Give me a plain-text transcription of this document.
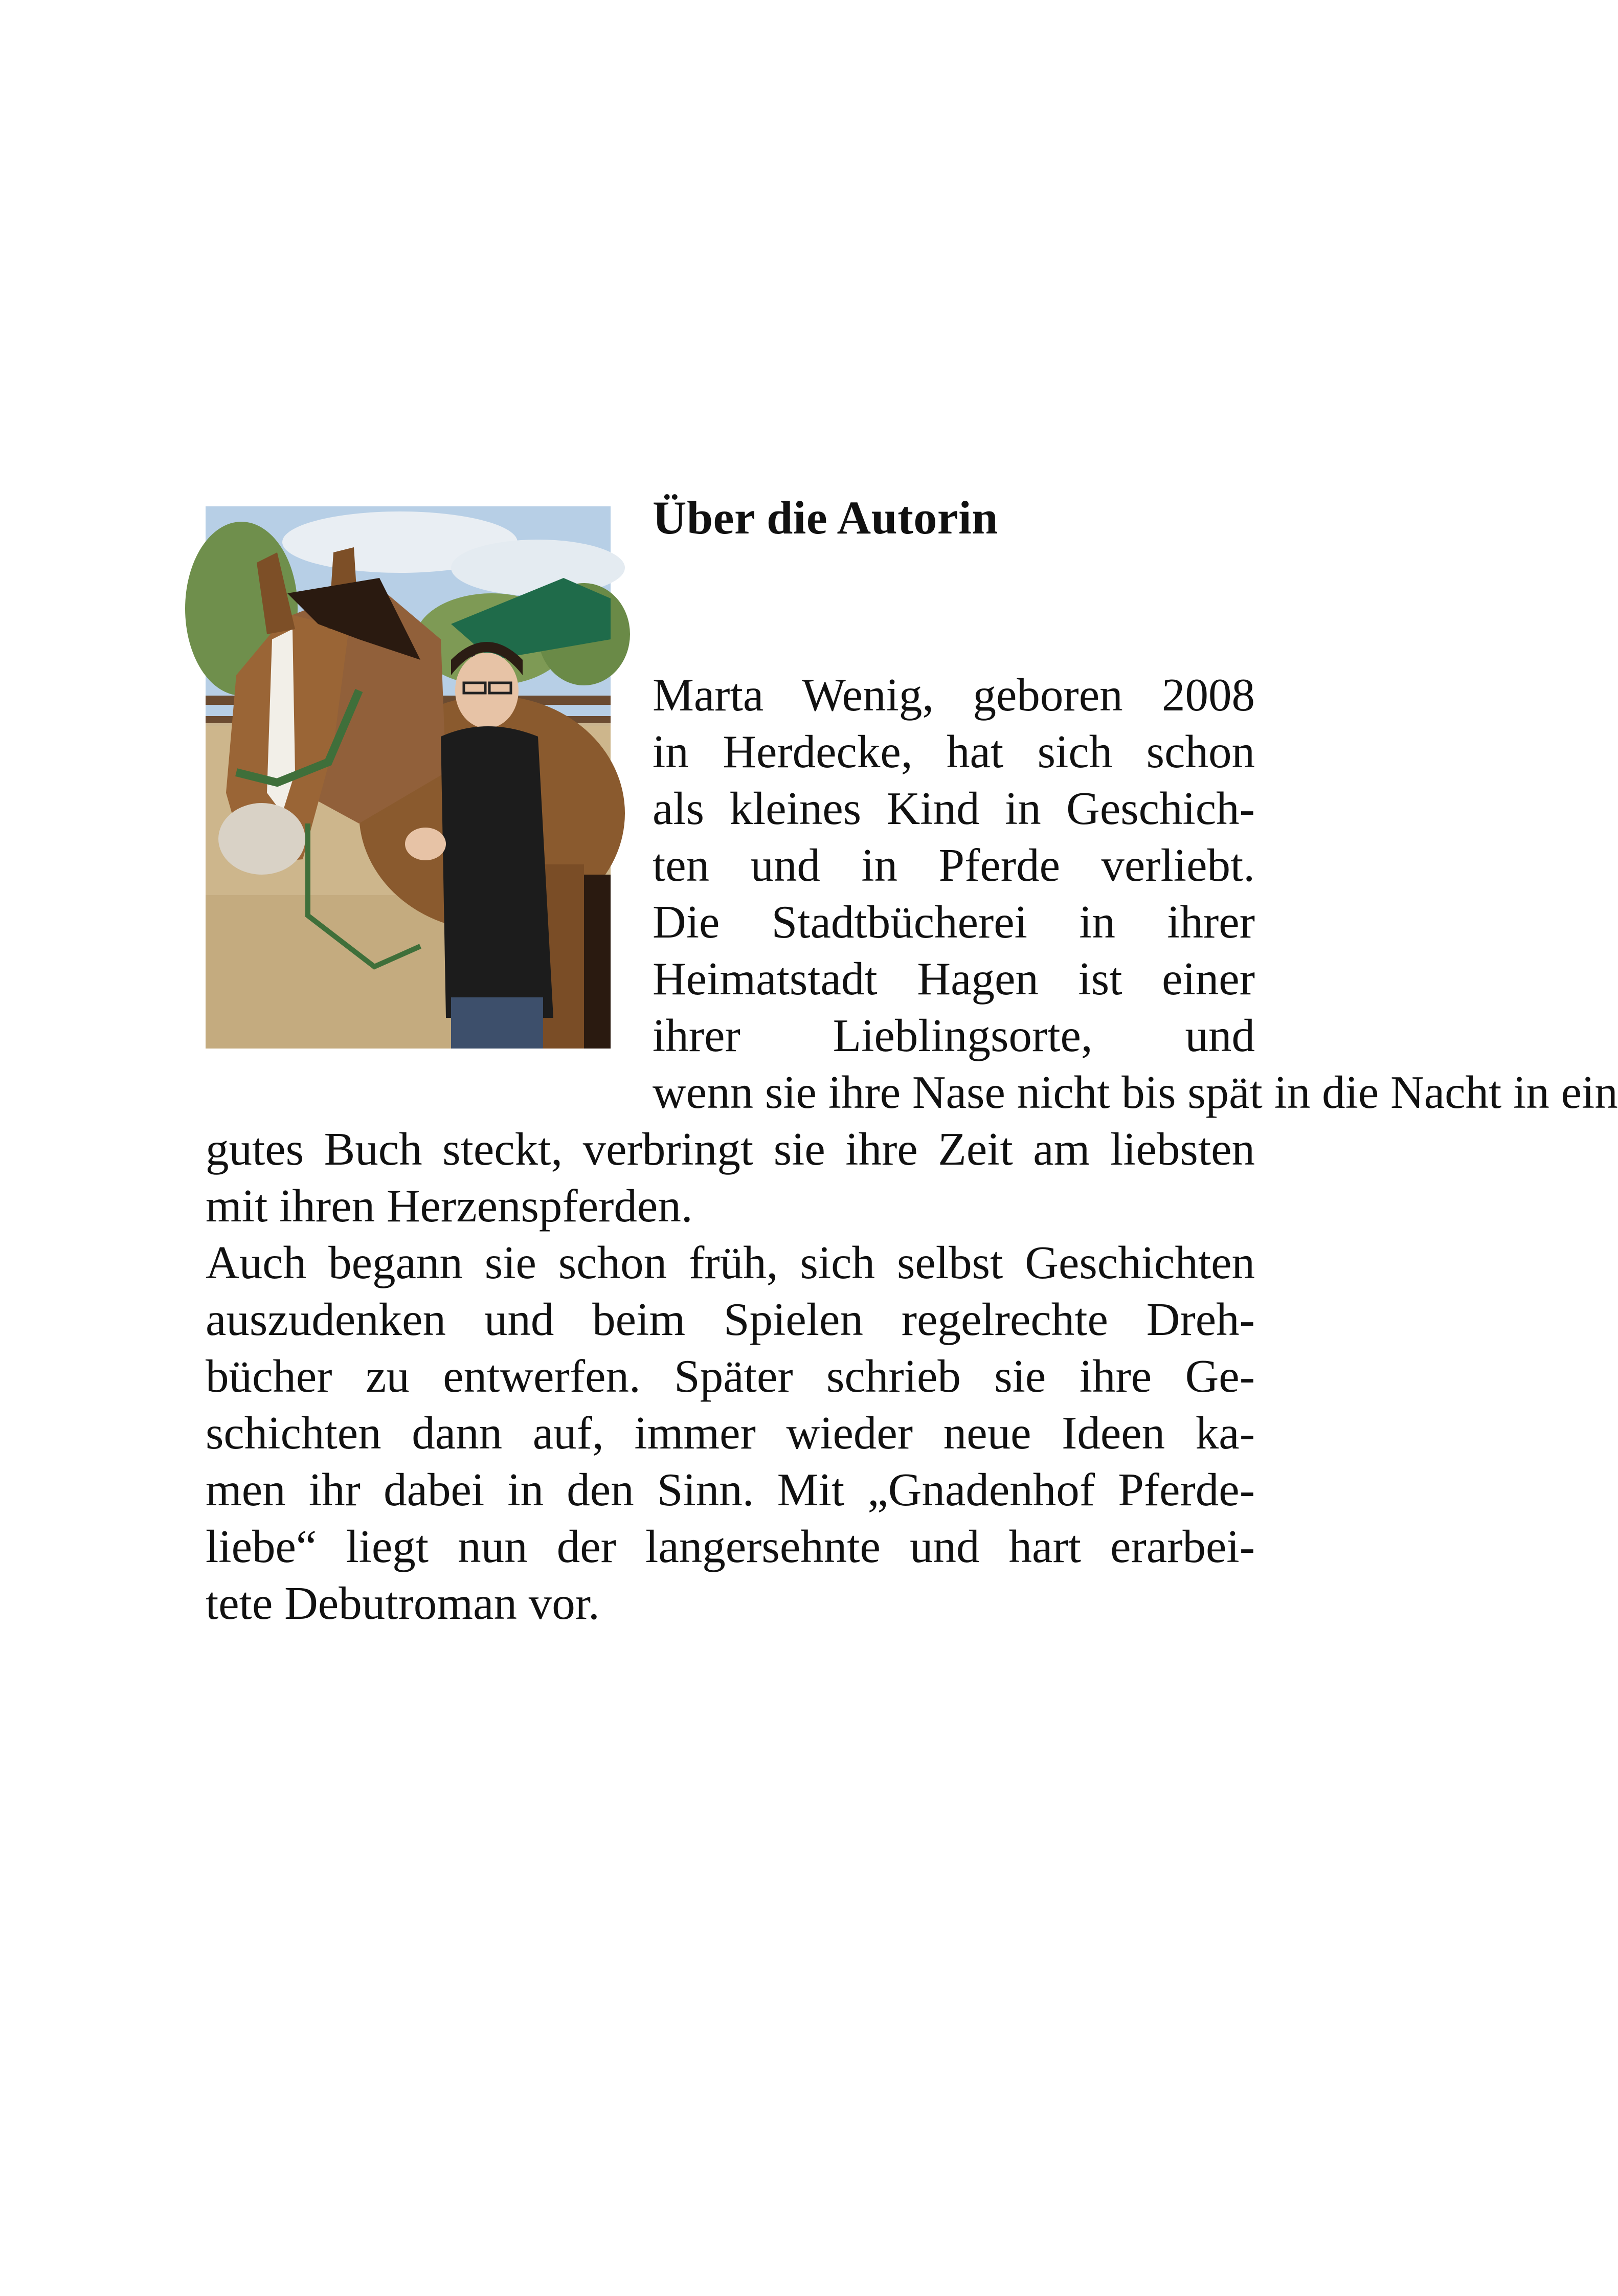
Über die Autorin

Marta Wenig, geboren 2008
in Herdecke, hat sich schon
als kleines Kind in Geschich-
ten und in Pferde verliebt.
Die Stadtbücherei in ihrer
Heimatstadt Hagen ist einer
ihrer Lieblingsorte, und
wenn sie ihre Nase nicht bis spät in die Nacht in ein
gutes Buch steckt, verbringt sie ihre Zeit am liebsten
mit ihren Herzenspferden.

Auch begann sie schon früh, sich selbst Geschichten
auszudenken und beim Spielen regelrechte Dreh-
bücher zu entwerfen. Später schrieb sie ihre Ge-
schichten dann auf, immer wieder neue Ideen ka-
men ihr dabei in den Sinn. Mit „Gnadenhof Pferde-
liebe“ liegt nun der langersehnte und hart erarbei-
tete Debutroman vor.
